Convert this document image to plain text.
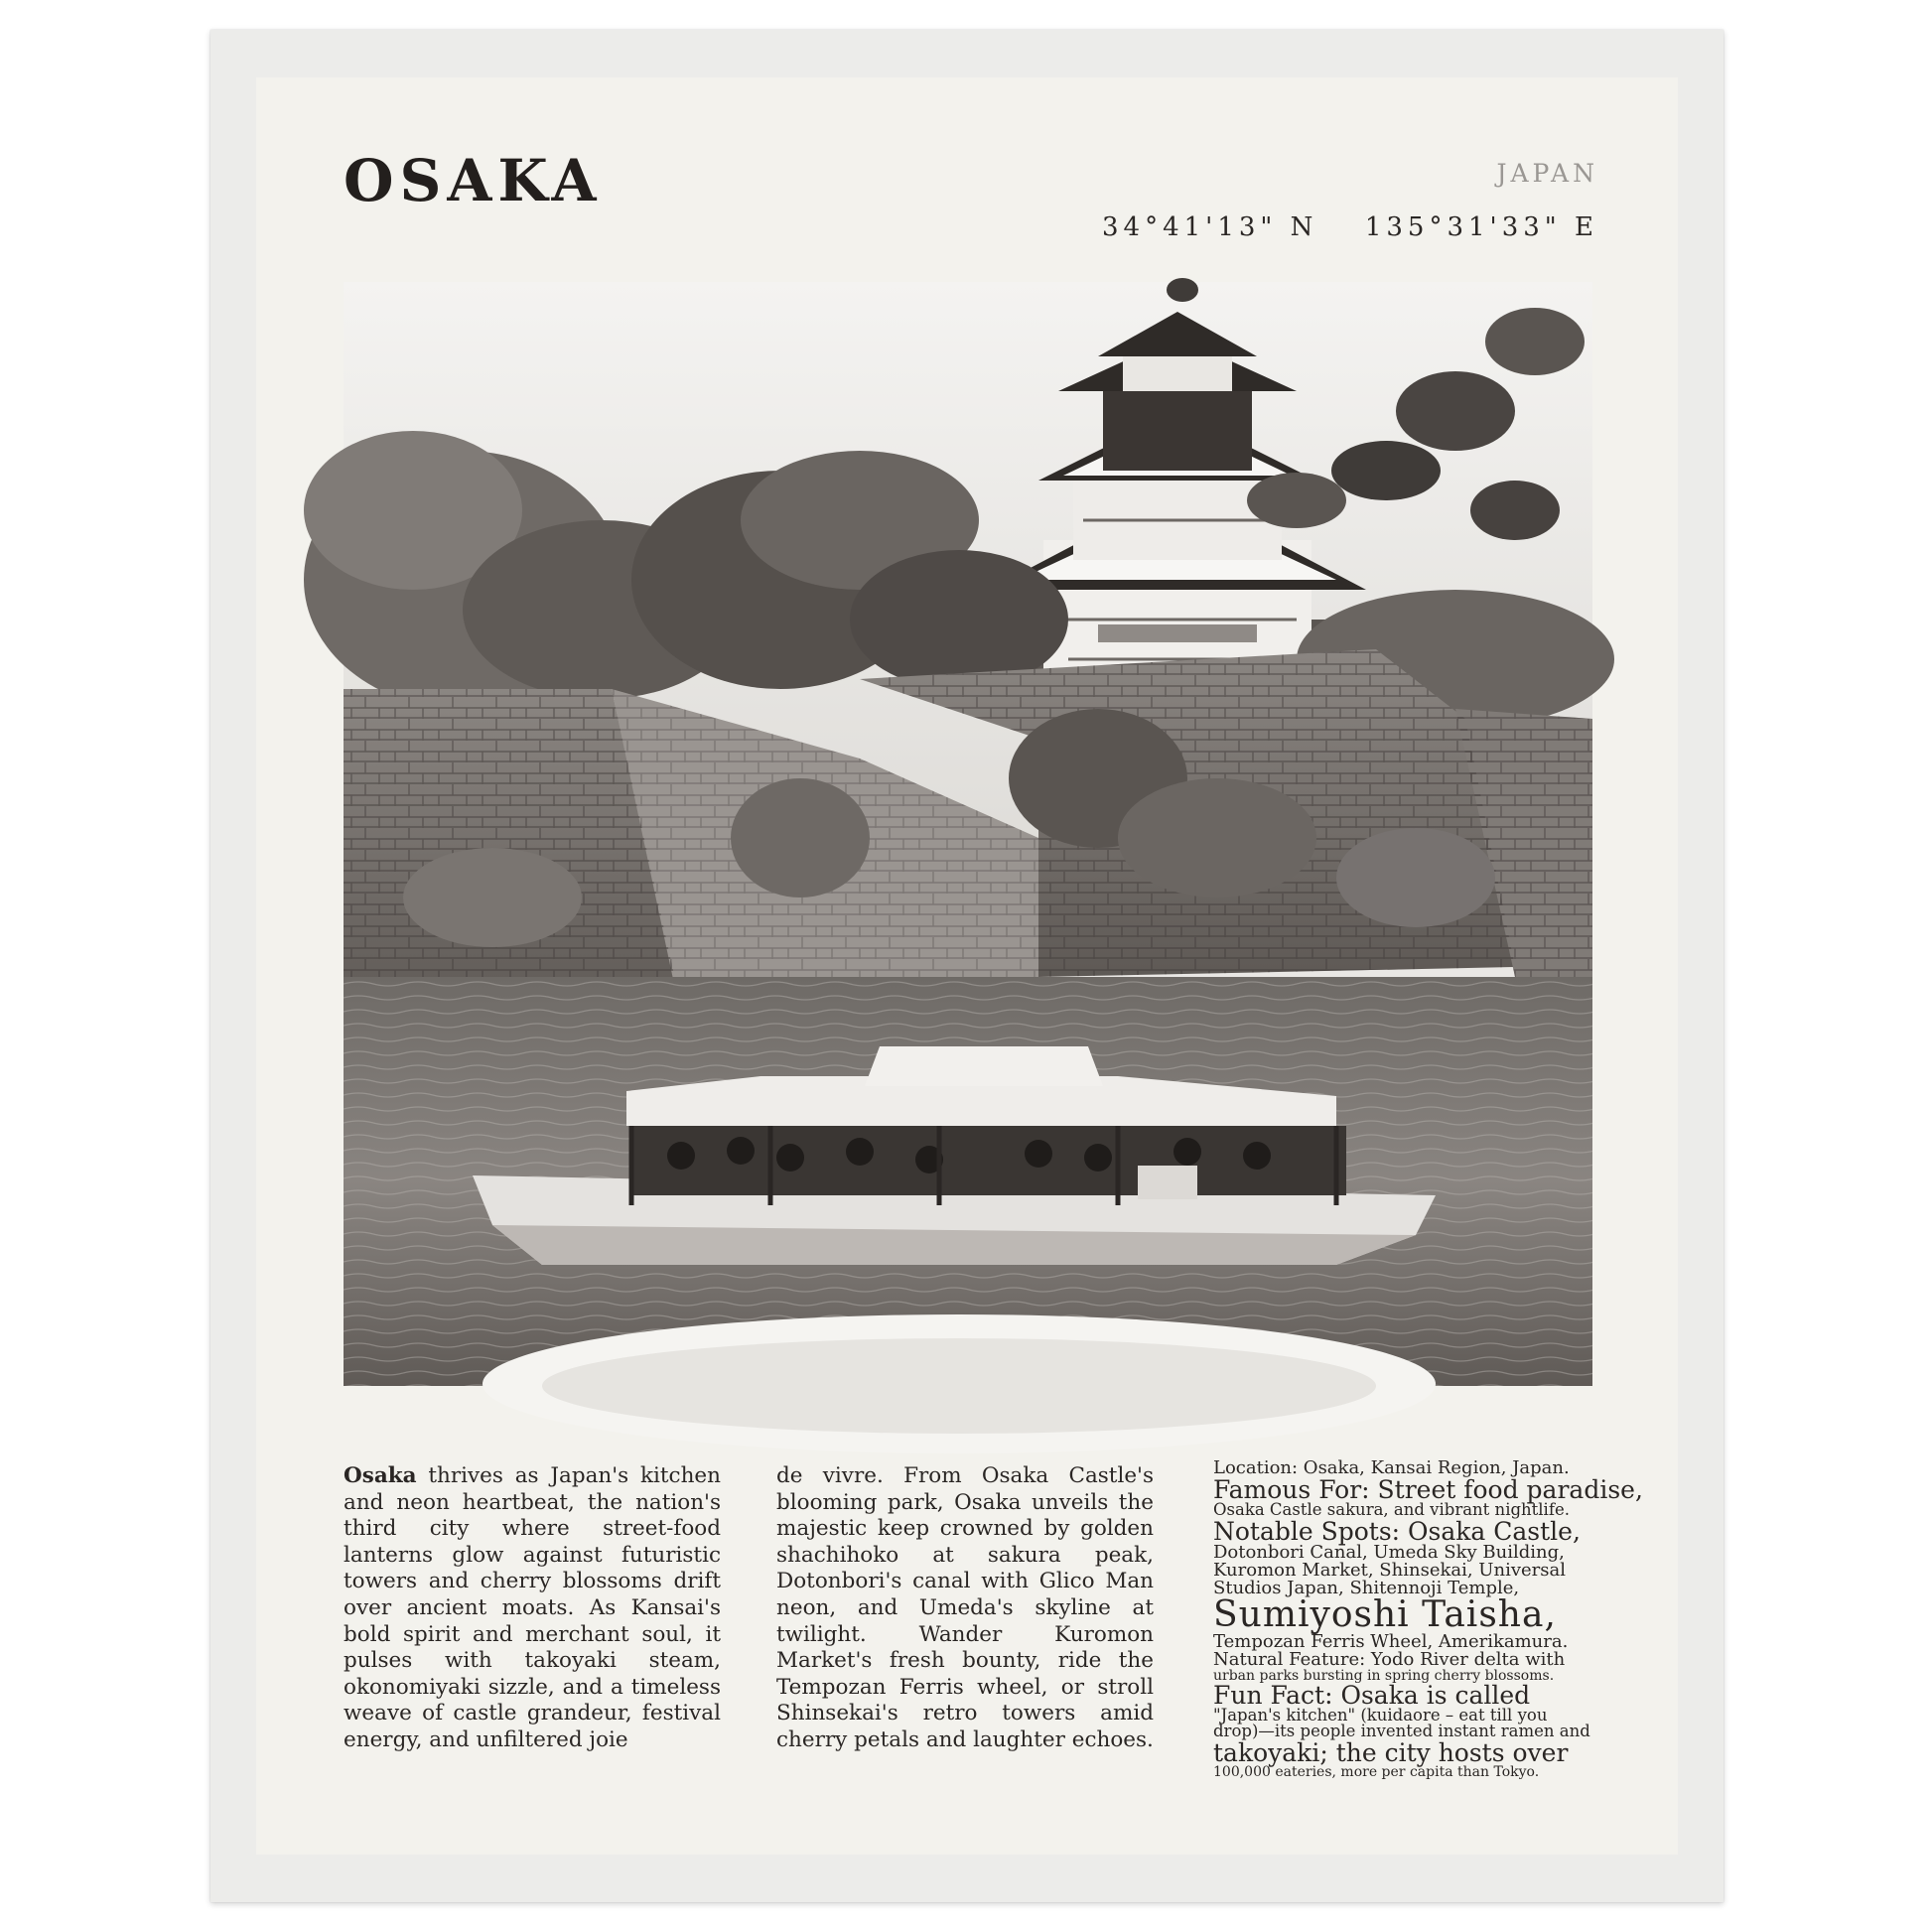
OSAKA	JAPAN
34°41'13" N 135°31'33" E

Osaka thrives as Japan's kitchen and neon heartbeat, the nation's third city where street-food lanterns glow against futuristic towers and cherry blossoms drift over ancient moats. As Kansai's bold spirit and merchant soul, it pulses with takoyaki steam, okonomiyaki sizzle, and a timeless weave of castle grandeur, festival energy, and unfiltered joie

de vivre. From Osaka Castle's blooming park, Osaka unveils the majestic keep crowned by golden shachihoko at sakura peak, Dotonbori's canal with Glico Man neon, and Umeda's skyline at twilight. Wander Kuromon Market's fresh bounty, ride the Tempozan Ferris wheel, or stroll Shinsekai's retro towers amid cherry petals and laughter echoes.

Location: Osaka, Kansai Region, Japan.
Famous For: Street food paradise,
Osaka Castle sakura, and vibrant nightlife.
Notable Spots: Osaka Castle,
Dotonbori Canal, Umeda Sky Building,
Kuromon Market, Shinsekai, Universal
Studios Japan, Shitennoji Temple,
Sumiyoshi Taisha,
Tempozan Ferris Wheel, Amerikamura.
Natural Feature: Yodo River delta with
urban parks bursting in spring cherry blossoms.
Fun Fact: Osaka is called
"Japan's kitchen" (kuidaore – eat till you
drop)—its people invented instant ramen and
takoyaki; the city hosts over
100,000 eateries, more per capita than Tokyo.
